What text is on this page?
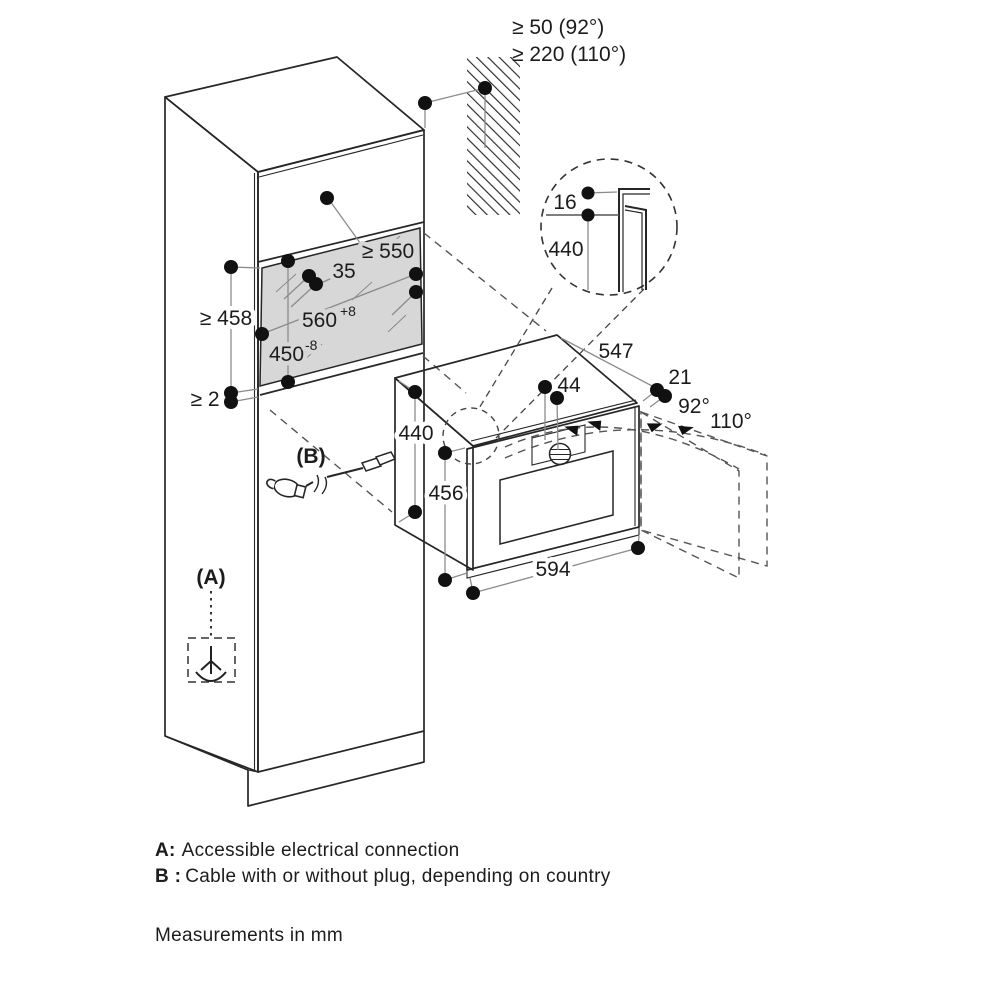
≥ 458
≥ 2
450 -8
560 +8
35
≥ 550
≥ 50 (92°)
≥ 220 (110°)
16
440
440
456
44
547
21
92°
110°
594
(B)
(A)
A: Accessible electrical connection
B : Cable with or without plug, depending on country
Measurements in mm
